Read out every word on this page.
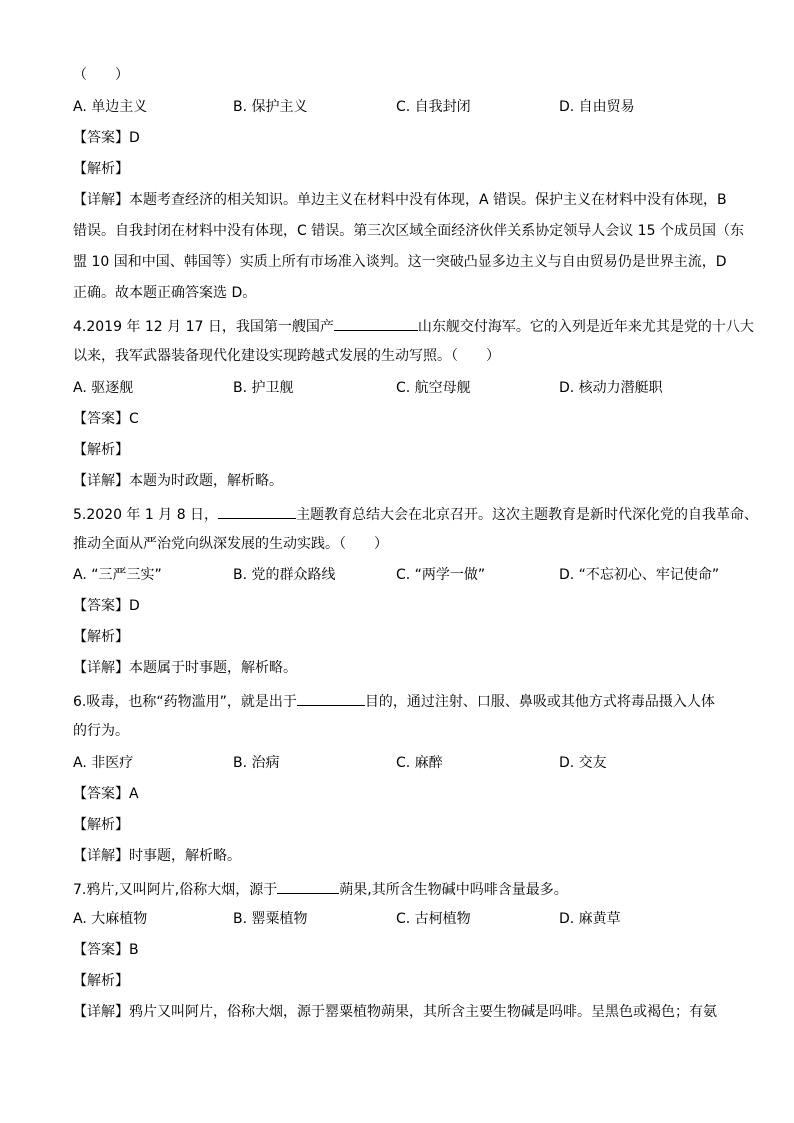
（　　）
A. 单边主义	B. 保护主义	C. 自我封闭	D. 自由贸易
【答案】D
【解析】
【详解】本题考查经济的相关知识。单边主义在材料中没有体现，A 错误。保护主义在材料中没有体现，B
错误。自我封闭在材料中没有体现，C 错误。第三次区域全面经济伙伴关系协定领导人会议 15 个成员国（东
盟 10 国和中国、韩国等）实质上所有市场准入谈判。这一突破凸显多边主义与自由贸易仍是世界主流，D
正确。故本题正确答案选 D。
4.2019 年 12 月 17 日，我国第一艘国产	山东舰交付海军。它的入列是近年来尤其是党的十八大
以来，我军武器装备现代化建设实现跨越式发展的生动写照。（　　）
A. 驱逐舰	B. 护卫舰	C. 航空母舰	D. 核动力潜艇职
【答案】C
【解析】
【详解】本题为时政题，解析略。
5.2020 年 1 月 8 日，	主题教育总结大会在北京召开。这次主题教育是新时代深化党的自我革命、
推动全面从严治党向纵深发展的生动实践。（　　）
A. “三严三实”	B. 党的群众路线	C. “两学一做”	D. “不忘初心、牢记使命”
【答案】D
【解析】
【详解】本题属于时事题，解析略。
6.吸毒，也称“药物滥用”，就是出于	目的，通过注射、口服、鼻吸或其他方式将毒品摄入人体
的行为。
A. 非医疗	B. 治病	C. 麻醉	D. 交友
【答案】A
【解析】
【详解】时事题，解析略。
7.鸦片,又叫阿片,俗称大烟，源于	蒴果,其所含生物碱中吗啡含量最多。
A. 大麻植物	B. 罂粟植物	C. 古柯植物	D. 麻黄草
【答案】B
【解析】
【详解】鸦片又叫阿片，俗称大烟，源于罂粟植物蒴果，其所含主要生物碱是吗啡。呈黑色或褐色；有氨
